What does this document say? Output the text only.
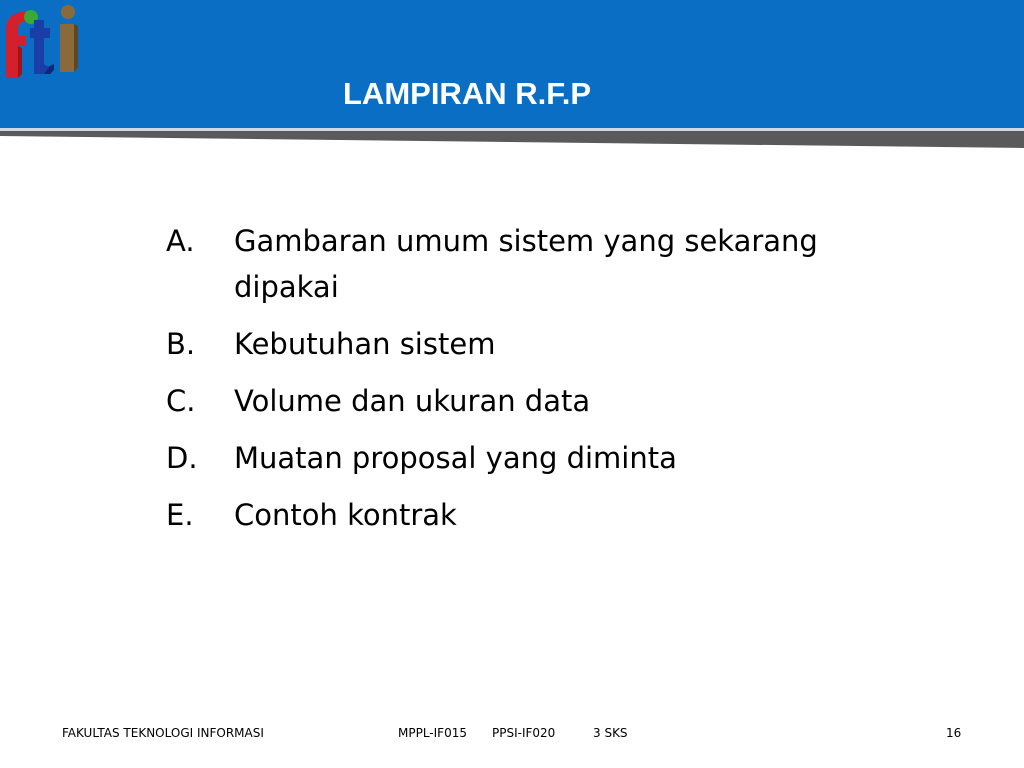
LAMPIRAN R.F.P
A. Gambaran umum sistem yang sekarang dipakai
B. Kebutuhan sistem
C. Volume dan ukuran data
D. Muatan proposal yang diminta
E. Contoh kontrak
FAKULTAS TEKNOLOGI INFORMASI	MPPL-IF015 PPSI-IF020	3 SKS	16
